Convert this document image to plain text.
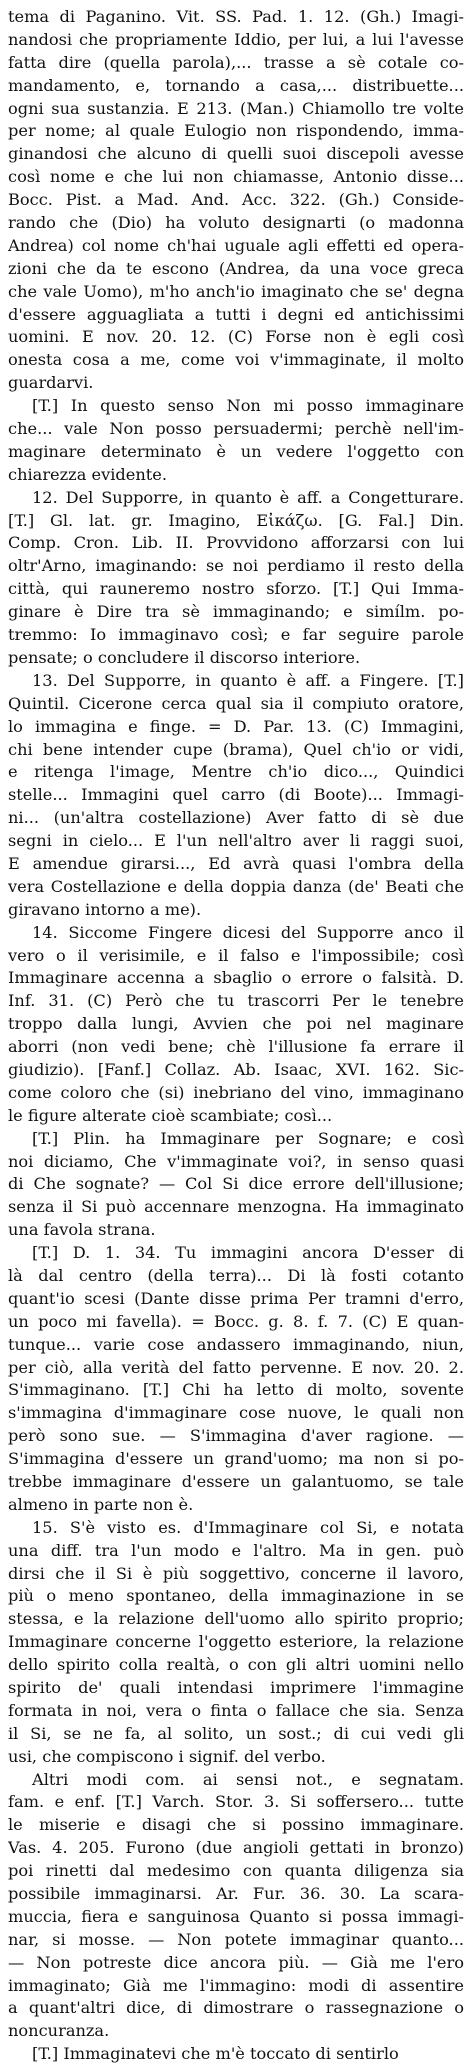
tema di Paganino. Vit. SS. Pad. 1. 12. (Gh.) Imagi-
nandosi che propriamente Iddio, per lui, a lui l'avesse
fatta dire (quella parola),... trasse a sè cotale co-
mandamento, e, tornando a casa,... distribuette...
ogni sua sustanzia. E 213. (Man.) Chiamollo tre volte
per nome; al quale Eulogio non rispondendo, imma-
ginandosi che alcuno di quelli suoi discepoli avesse
così nome e che lui non chiamasse, Antonio disse...
Bocc. Pist. a Mad. And. Acc. 322. (Gh.) Conside-
rando che (Dio) ha voluto designarti (o madonna
Andrea) col nome ch'hai uguale agli effetti ed opera-
zioni che da te escono (Andrea, da una voce greca
che vale Uomo), m'ho anch'io imaginato che se' degna
d'essere agguagliata a tutti i degni ed antichissimi
uomini. E nov. 20. 12. (C) Forse non è egli così
onesta cosa a me, come voi v'immaginate, il molto
guardarvi.
[T.] In questo senso Non mi posso immaginare
che... vale Non posso persuadermi; perchè nell'im-
maginare determinato è un vedere l'oggetto con
chiarezza evidente.
12. Del Supporre, in quanto è aff. a Congetturare.
[T.] Gl. lat. gr. Imagino, Εἰκάζω. [G. Fal.] Din.
Comp. Cron. Lib. II. Provvidono afforzarsi con lui
oltr'Arno, imaginando: se noi perdiamo il resto della
città, qui rauneremo nostro sforzo. [T.] Qui Imma-
ginare è Dire tra sè immaginando; e simílm. po-
tremmo: Io immaginavo così; e far seguire parole
pensate; o concludere il discorso interiore.
13. Del Supporre, in quanto è aff. a Fingere. [T.]
Quintil. Cicerone cerca qual sia il compiuto oratore,
lo immagina e finge. = D. Par. 13. (C) Immagini,
chi bene intender cupe (brama), Quel ch'io or vidi,
e ritenga l'image, Mentre ch'io dico..., Quindici
stelle... Immagini quel carro (di Boote)... Immagi-
ni... (un'altra costellazione) Aver fatto di sè due
segni in cielo... E l'un nell'altro aver li raggi suoi,
E amendue girarsi..., Ed avrà quasi l'ombra della
vera Costellazione e della doppia danza (de' Beati che
giravano intorno a me).
14. Siccome Fingere dicesi del Supporre anco il
vero o il verisimile, e il falso e l'impossibile; così
Immaginare accenna a sbaglio o errore o falsità. D.
Inf. 31. (C) Però che tu trascorri Per le tenebre
troppo dalla lungi, Avvien che poi nel maginare
aborri (non vedi bene; chè l'illusione fa errare il
giudizio). [Fanf.] Collaz. Ab. Isaac, XVI. 162. Sic-
come coloro che (si) inebriano del vino, immaginano
le figure alterate cioè scambiate; così...
[T.] Plin. ha Immaginare per Sognare; e così
noi diciamo, Che v'immaginate voi?, in senso quasi
di Che sognate? — Col Si dice errore dell'illusione;
senza il Si può accennare menzogna. Ha immaginato
una favola strana.
[T.] D. 1. 34. Tu immagini ancora D'esser di
là dal centro (della terra)... Di là fosti cotanto
quant'io scesi (Dante disse prima Per tramni d'erro,
un poco mi favella). = Bocc. g. 8. f. 7. (C) E quan-
tunque... varie cose andassero immaginando, niun,
per ciò, alla verità del fatto pervenne. E nov. 20. 2.
S'immaginano. [T.] Chi ha letto di molto, sovente
s'immagina d'immaginare cose nuove, le quali non
però sono sue. — S'immagina d'aver ragione. —
S'immagina d'essere un grand'uomo; ma non si po-
trebbe immaginare d'essere un galantuomo, se tale
almeno in parte non è.
15. S'è visto es. d'Immaginare col Si, e notata
una diff. tra l'un modo e l'altro. Ma in gen. può
dirsi che il Si è più soggettivo, concerne il lavoro,
più o meno spontaneo, della immaginazione in se
stessa, e la relazione dell'uomo allo spirito proprio;
Immaginare concerne l'oggetto esteriore, la relazione
dello spirito colla realtà, o con gli altri uomini nello
spirito de' quali intendasi imprimere l'immagine
formata in noi, vera o finta o fallace che sia. Senza
il Si, se ne fa, al solito, un sost.; di cui vedi gli
usi, che compiscono i signif. del verbo.
Altri modi com. ai sensi not., e segnatam.
fam. e enf. [T.] Varch. Stor. 3. Si soffersero... tutte
le miserie e disagi che si possino immaginare.
Vas. 4. 205. Furono (due angioli gettati in bronzo)
poi rinetti dal medesimo con quanta diligenza sia
possibile immaginarsi. Ar. Fur. 36. 30. La scara-
muccia, fiera e sanguinosa Quanto si possa immagi-
nar, si mosse. — Non potete immaginar quanto...
— Non potreste dice ancora più. — Già me l'ero
immaginato; Già me l'immagino: modi di assentire
a quant'altri dice, di dimostrare o rassegnazione o
noncuranza.
[T.] Immaginatevi che m'è toccato di sentirlo
